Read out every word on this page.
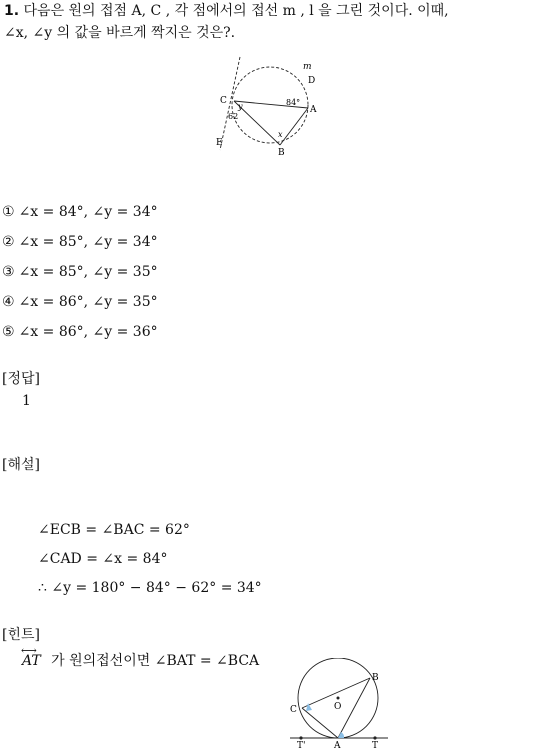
1. 다음은 원의 접점 A, C , 각 점에서의 접선 m , l 을 그린 것이다. 이때,
∠x, ∠y 의 값을 바르게 짝지은 것은?.
m
D
C
A
E
B
84°
62
y
x
① ∠x = 84°, ∠y = 34°
② ∠x = 85°, ∠y = 34°
③ ∠x = 85°, ∠y = 35°
④ ∠x = 86°, ∠y = 35°
⑤ ∠x = 86°, ∠y = 36°
[정답]
1
[해설]
∠ECB = ∠BAC = 62°
∠CAD = ∠x = 84°
∴ ∠y = 180° − 84° − 62° = 34°
[힌트]
⟷
AT 가 원의접선이면 ∠BAT = ∠BCA
B
C	O
T'	A	T
